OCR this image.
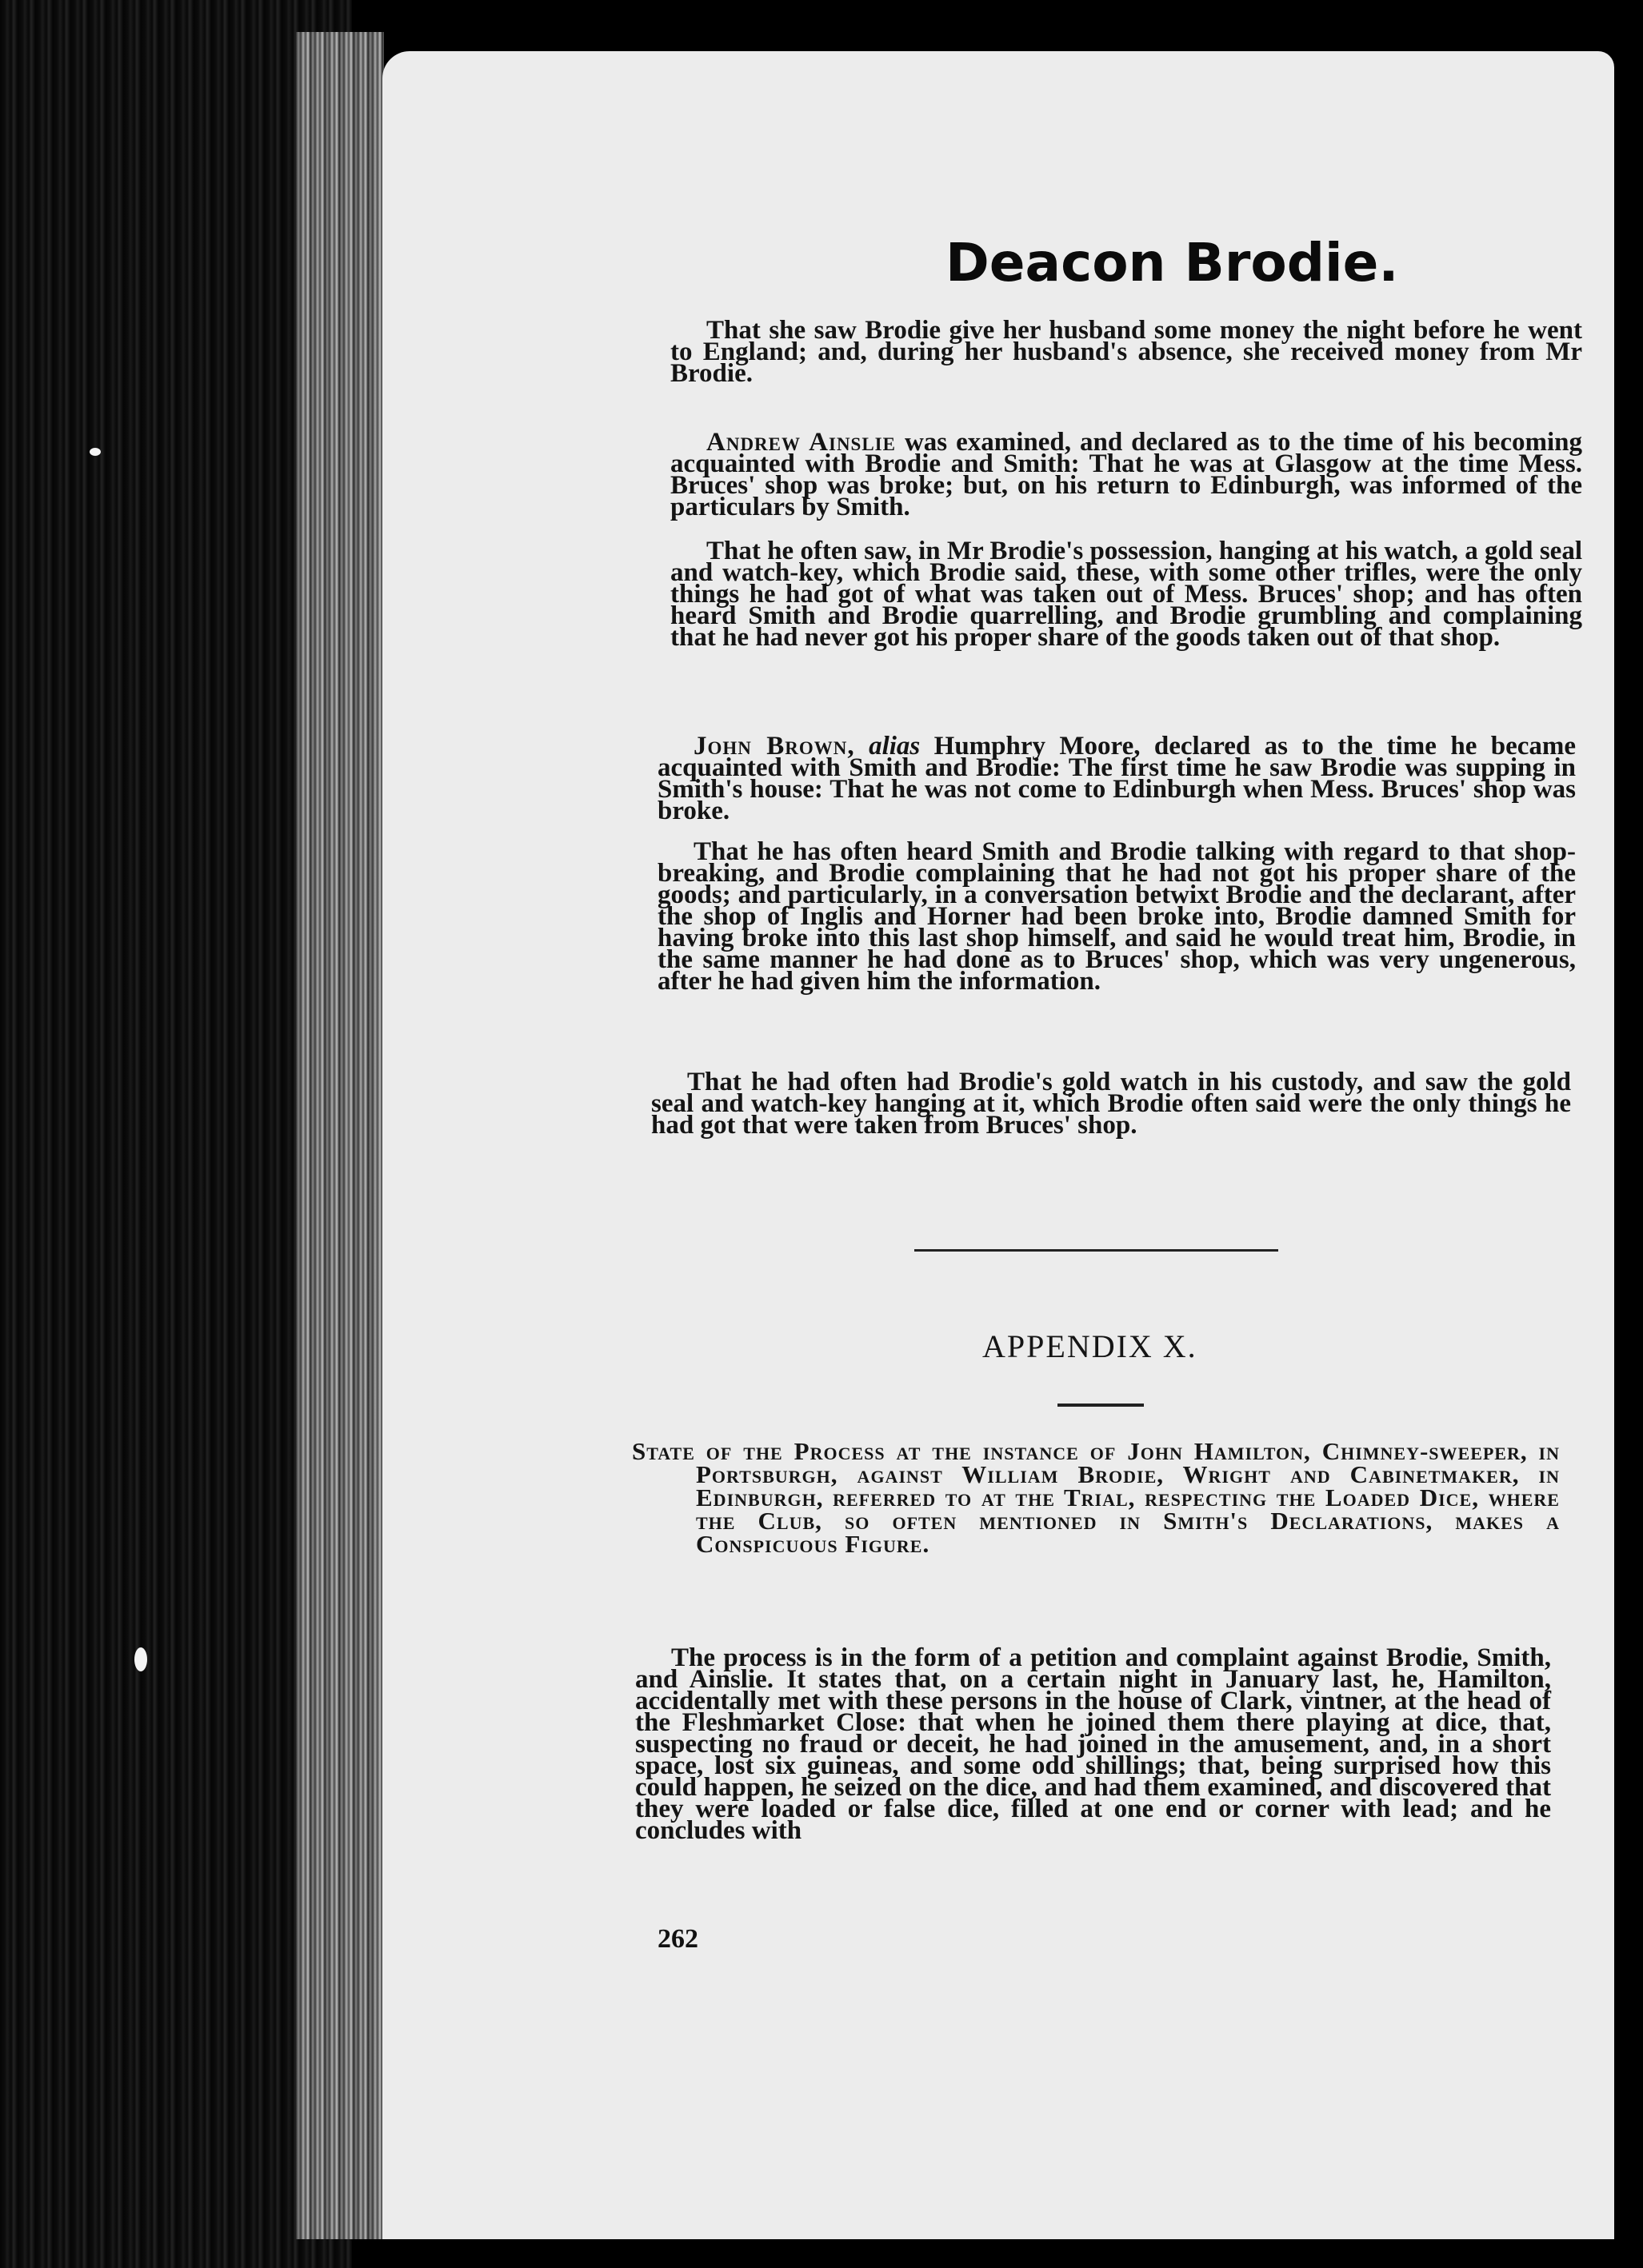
Deacon Brodie.

That she saw Brodie give her husband some money the night before he went to England; and, during her husband's absence, she received money from Mr Brodie.

Andrew Ainslie was examined, and declared as to the time of his becoming acquainted with Brodie and Smith: That he was at Glasgow at the time Mess. Bruces' shop was broke; but, on his return to Edinburgh, was informed of the particulars by Smith.

That he often saw, in Mr Brodie's possession, hanging at his watch, a gold seal and watch-key, which Brodie said, these, with some other trifles, were the only things he had got of what was taken out of Mess. Bruces' shop; and has often heard Smith and Brodie quarrelling, and Brodie grumbling and complaining that he had never got his proper share of the goods taken out of that shop.

John Brown, alias Humphry Moore, declared as to the time he became acquainted with Smith and Brodie: The first time he saw Brodie was supping in Smith's house: That he was not come to Edinburgh when Mess. Bruces' shop was broke.

That he has often heard Smith and Brodie talking with regard to that shop-breaking, and Brodie complaining that he had not got his proper share of the goods; and particularly, in a conversation betwixt Brodie and the declarant, after the shop of Inglis and Horner had been broke into, Brodie damned Smith for having broke into this last shop himself, and said he would treat him, Brodie, in the same manner he had done as to Bruces' shop, which was very ungenerous, after he had given him the information.

That he had often had Brodie's gold watch in his custody, and saw the gold seal and watch-key hanging at it, which Brodie often said were the only things he had got that were taken from Bruces' shop.

APPENDIX X.
State of the Process at the instance of John Hamilton, Chimney-sweeper, in Portsburgh, against William Brodie, Wright and Cabinetmaker, in Edinburgh, referred to at the Trial, respecting the Loaded Dice, where the Club, so often mentioned in Smith's Declarations, makes a Conspicuous Figure.

The process is in the form of a petition and complaint against Brodie, Smith, and Ainslie. It states that, on a certain night in January last, he, Hamilton, accidentally met with these persons in the house of Clark, vintner, at the head of the Fleshmarket Close: that when he joined them there playing at dice, that, suspecting no fraud or deceit, he had joined in the amusement, and, in a short space, lost six guineas, and some odd shillings; that, being surprised how this could happen, he seized on the dice, and had them examined, and discovered that they were loaded or false dice, filled at one end or corner with lead; and he concludes with

262
